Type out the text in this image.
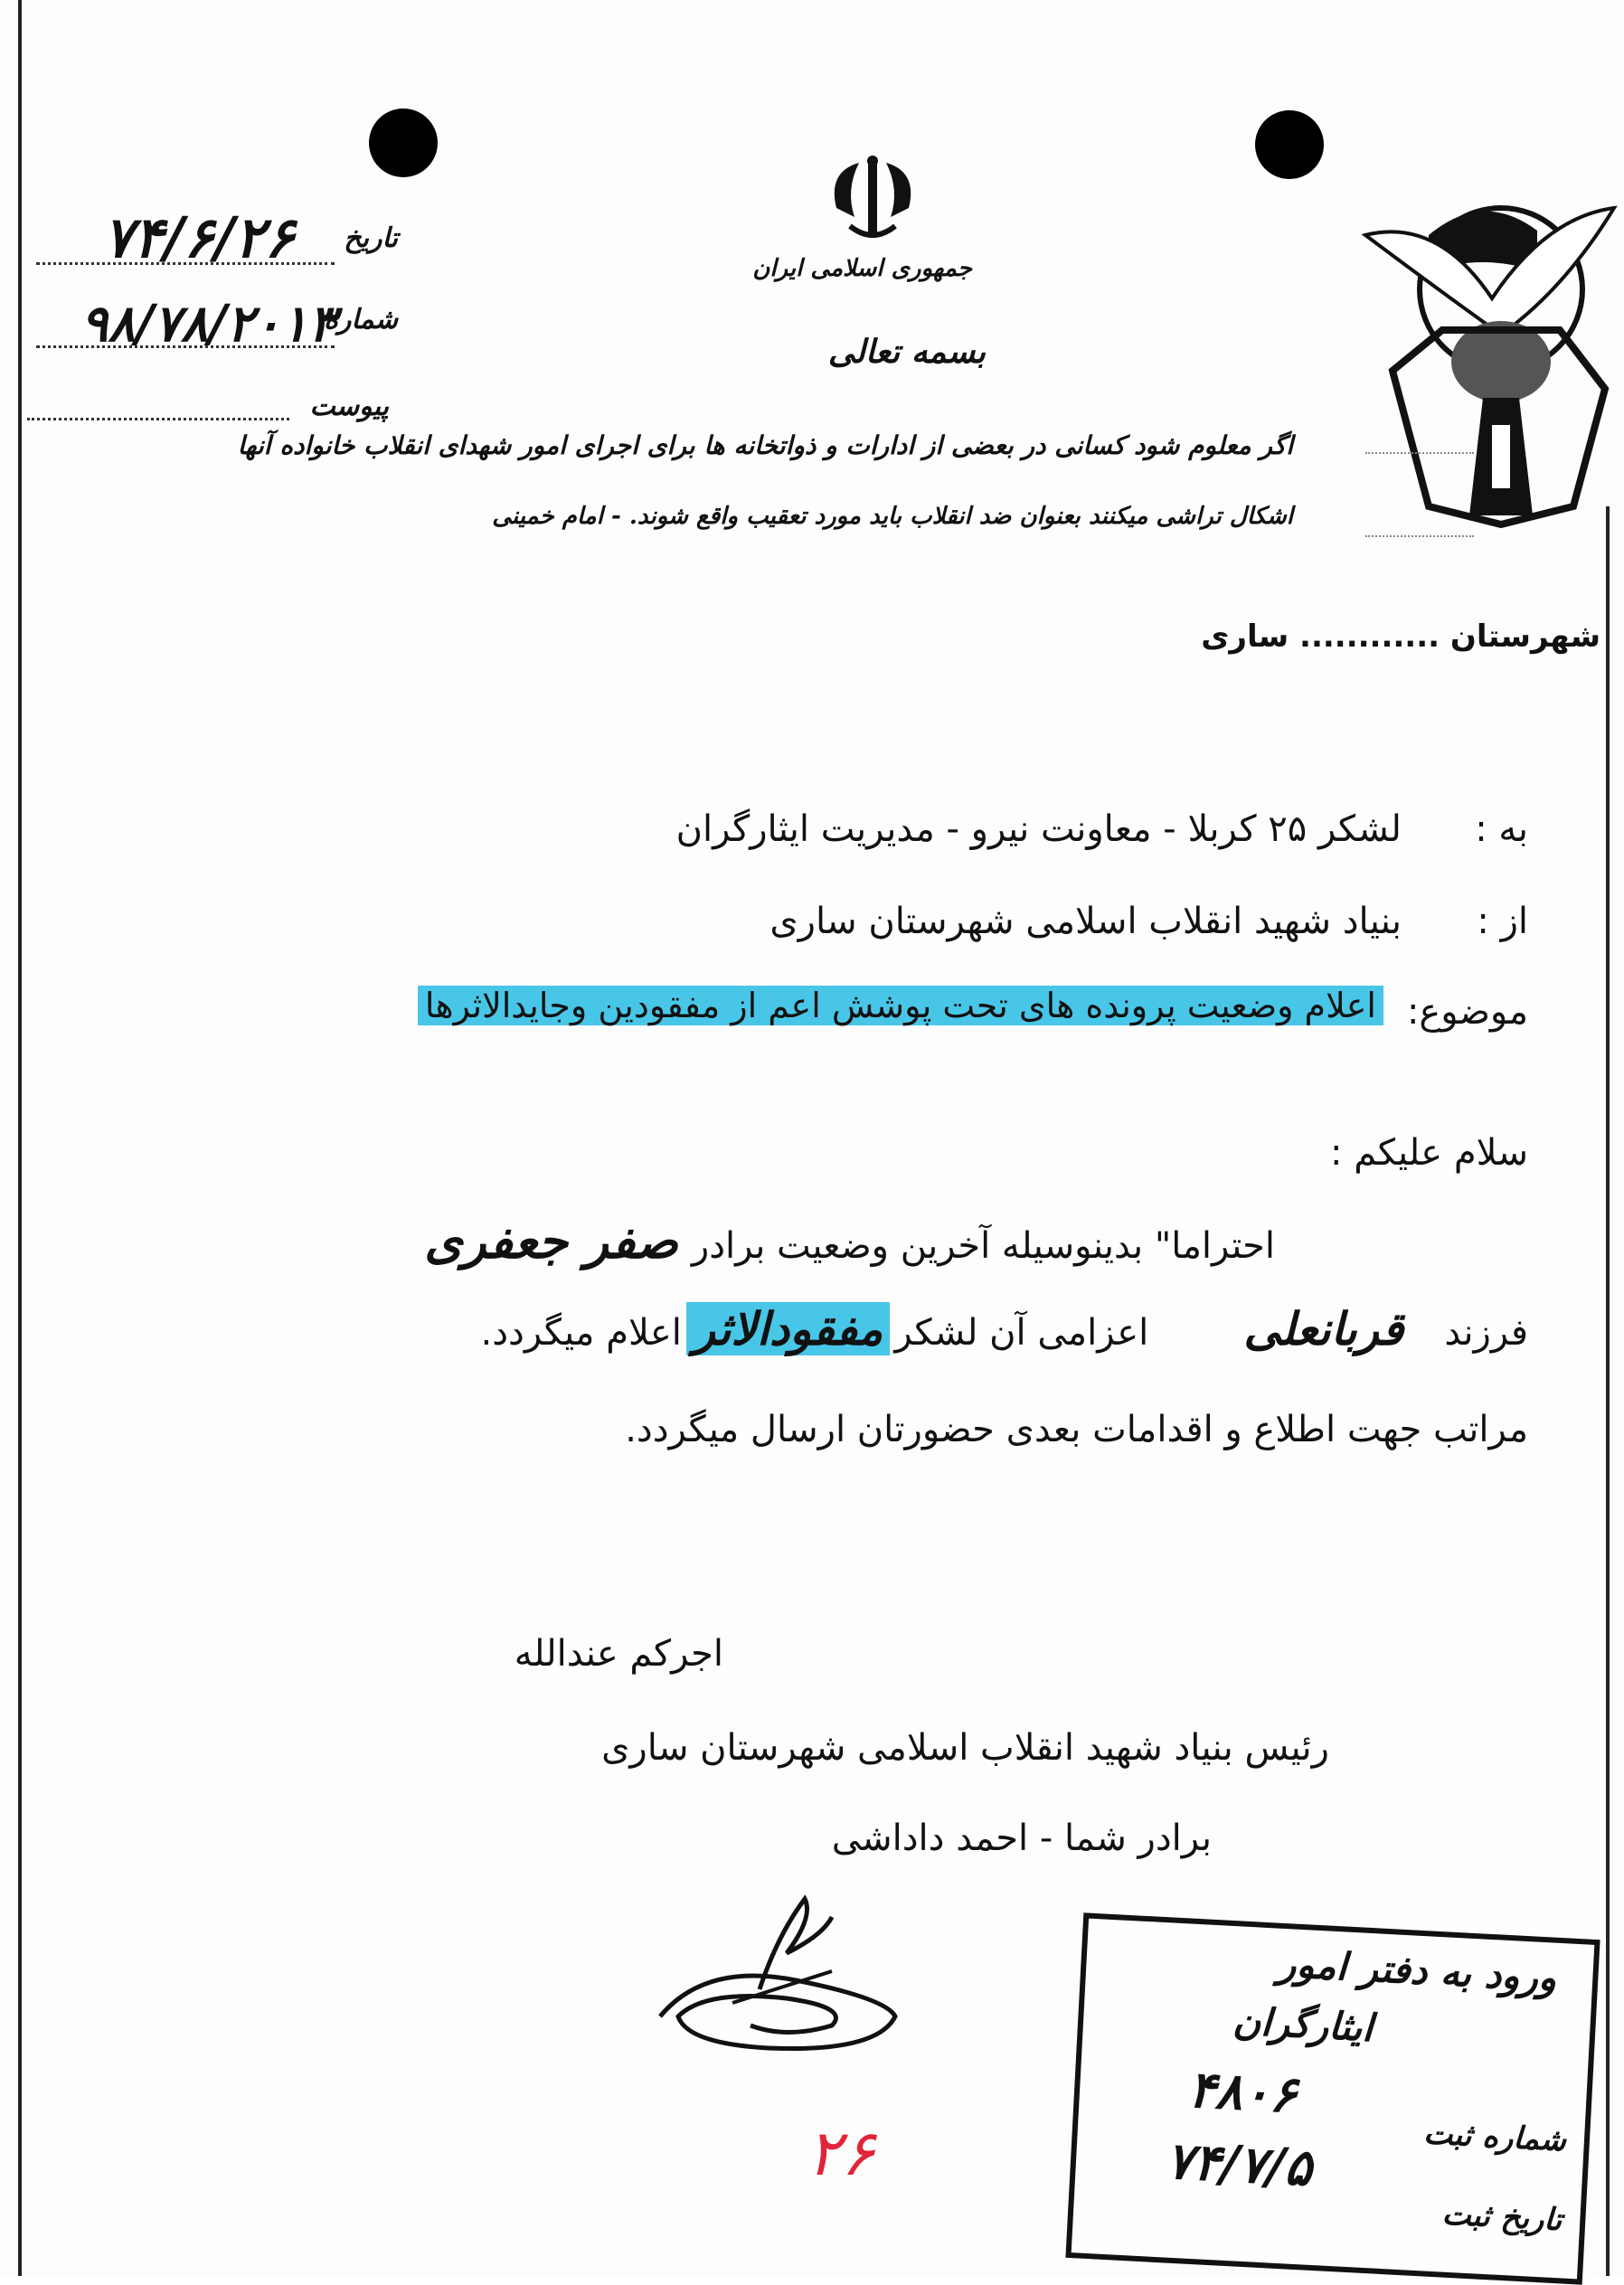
جمهوری اسلامی ایران
بسمه تعالی
تاریخ
۷۴/۶/۲۶
شماره
۹۸/۷۸/۲۰۱۳
پیوست
اگر معلوم شود کسانی در بعضی از ادارات و ذواتخانه ها برای اجرای امور شهدای انقلاب خانواده آنها
اشکال تراشی میکنند بعنوان ضد انقلاب باید مورد تعقیب واقع شوند. - امام خمینی
شهرستان ............ ساری
به :
لشکر ۲۵ کربلا - معاونت نیرو - مدیریت ایثارگران
از :
بنیاد شهید انقلاب اسلامی شهرستان ساری
موضوع:
اعلام وضعیت پرونده های تحت پوشش اعم از مفقودین وجایدالاثرها
سلام علیکم :
احتراما" بدینوسیله آخرین وضعیت برادر صفر جعفری
فرزند قربانعلی اعزامی آن لشکر مفقودالاثر اعلام میگردد.
مراتب جهت اطلاع و اقدامات بعدی حضورتان ارسال میگردد.
اجرکم عندالله
رئیس بنیاد شهید انقلاب اسلامی شهرستان ساری
برادر شما - احمد داداشی
۲۶
ورود به دفتر امور
ایثارگران
شماره ثبت
۴۸۰۶
تاریخ ثبت
۷۴/۷/۵
